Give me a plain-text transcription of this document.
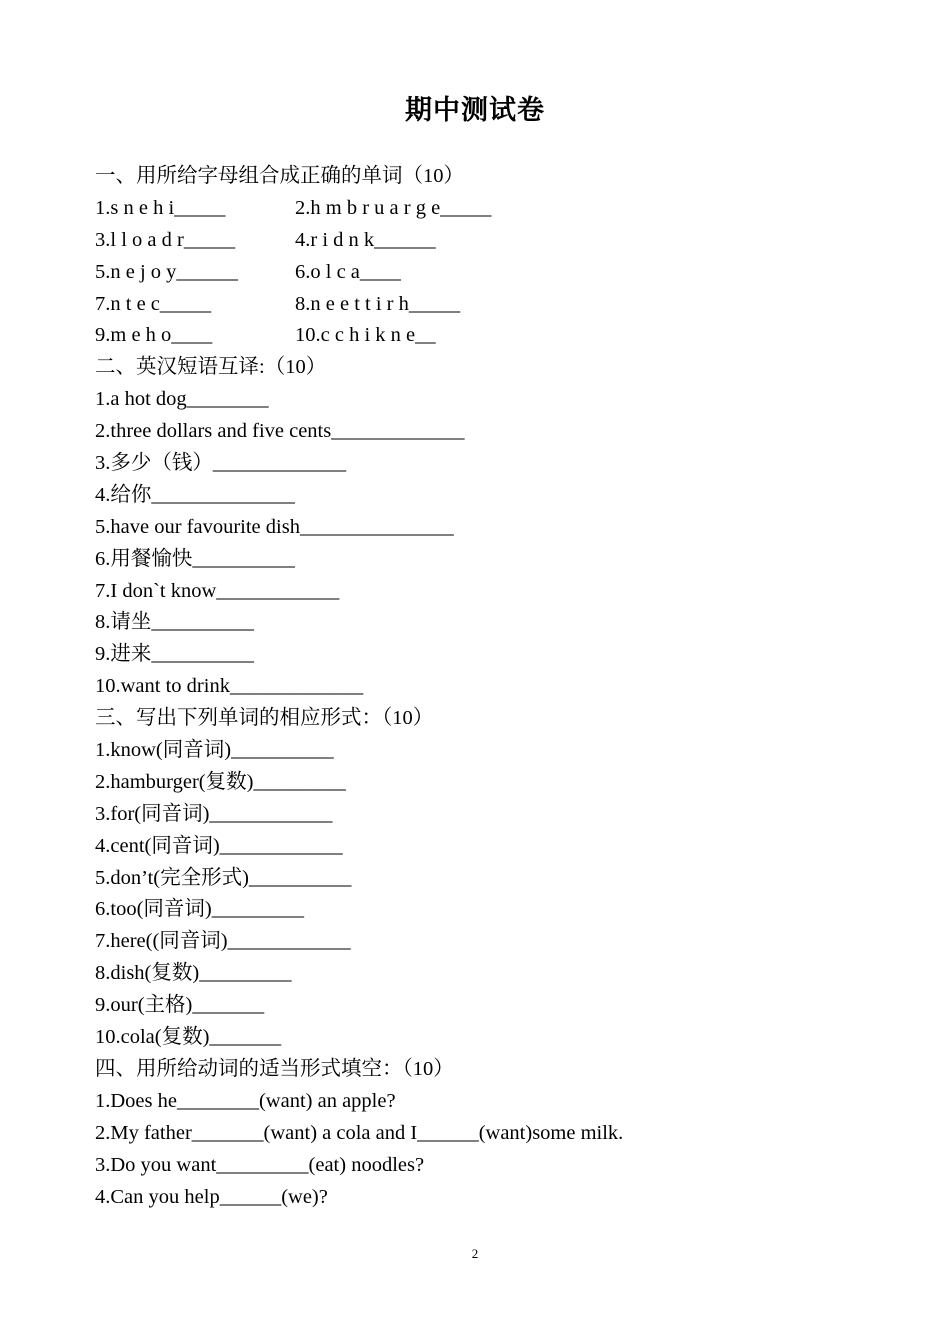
期中测试卷
一、用所给字母组合成正确的单词（10）
1.s n e h i_____	2.h m b r u a r g e_____
3.l l o a d r_____	4.r i d n k______
5.n e j o y______	6.o l c a____
7.n t e c_____	8.n e e t t i r h_____
9.m e h o____	10.c c h i k n e__
二、英汉短语互译:（10）
1.a hot dog________
2.three dollars and five cents_____________
3.多少（钱）_____________
4.给你______________
5.have our favourite dish_______________
6.用餐愉快__________
7.I don`t know____________
8.请坐__________
9.进来__________
10.want to drink_____________
三、写出下列单词的相应形式：（10）
1.know(同音词)__________
2.hamburger(复数)_________
3.for(同音词)____________
4.cent(同音词)____________
5.don’t(完全形式)__________
6.too(同音词)_________
7.here((同音词)____________
8.dish(复数)_________
9.our(主格)_______
10.cola(复数)_______
四、用所给动词的适当形式填空：（10）
1.Does he________(want) an apple?
2.My father_______(want) a cola and I______(want)some milk.
3.Do you want_________(eat) noodles?
4.Can you help______(we)?
2
